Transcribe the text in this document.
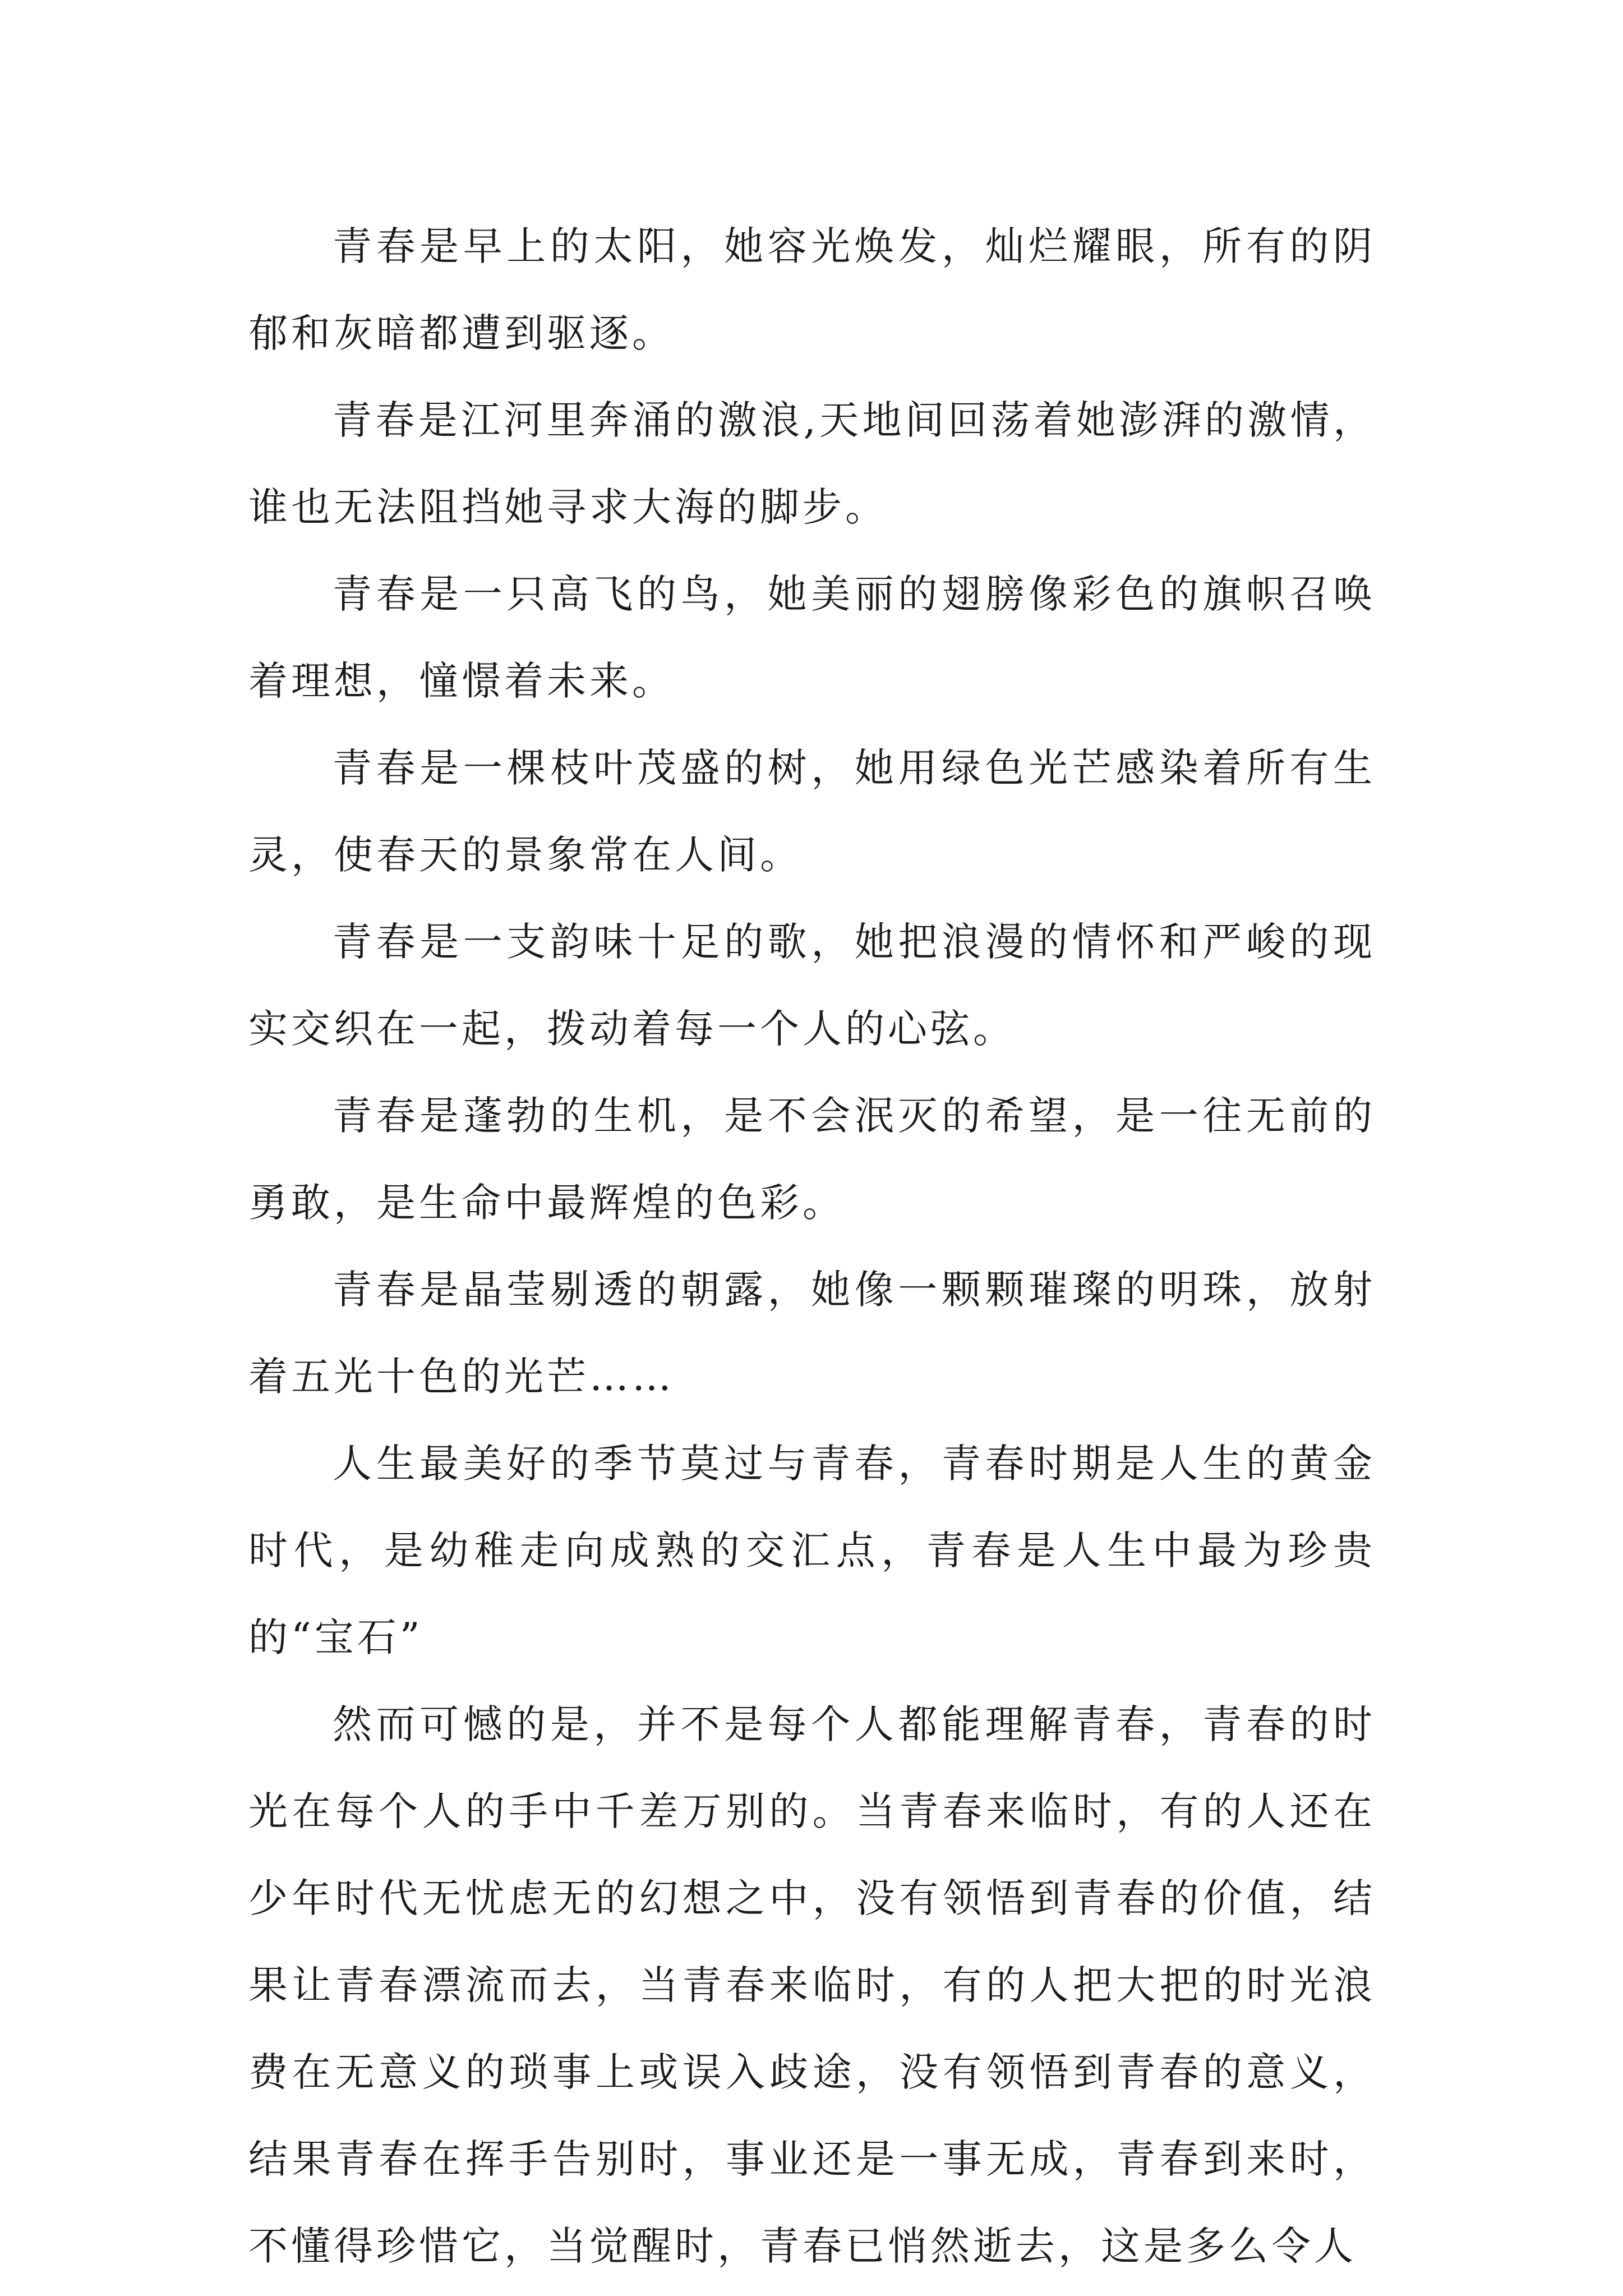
青春是早上的太阳，她容光焕发，灿烂耀眼，所有的阴郁和灰暗都遭到驱逐。

青春是江河里奔涌的激浪,天地间回荡着她澎湃的激情，谁也无法阻挡她寻求大海的脚步。

青春是一只高飞的鸟，她美丽的翅膀像彩色的旗帜召唤着理想，憧憬着未来。

青春是一棵枝叶茂盛的树，她用绿色光芒感染着所有生灵，使春天的景象常在人间。

青春是一支韵味十足的歌，她把浪漫的情怀和严峻的现实交织在一起，拨动着每一个人的心弦。

青春是蓬勃的生机，是不会泯灭的希望，是一往无前的勇敢，是生命中最辉煌的色彩。

青春是晶莹剔透的朝露，她像一颗颗璀璨的明珠，放射着五光十色的光芒……

人生最美好的季节莫过与青春，青春时期是人生的黄金时代，是幼稚走向成熟的交汇点，青春是人生中最为珍贵的“宝石”

然而可憾的是，并不是每个人都能理解青春，青春的时光在每个人的手中千差万别的。当青春来临时，有的人还在少年时代无忧虑无的幻想之中，没有领悟到青春的价值，结果让青春漂流而去，当青春来临时，有的人把大把的时光浪费在无意义的琐事上或误入歧途，没有领悟到青春的意义，结果青春在挥手告别时，事业还是一事无成，青春到来时，不懂得珍惜它，当觉醒时，青春已悄然逝去，这是多么令人
